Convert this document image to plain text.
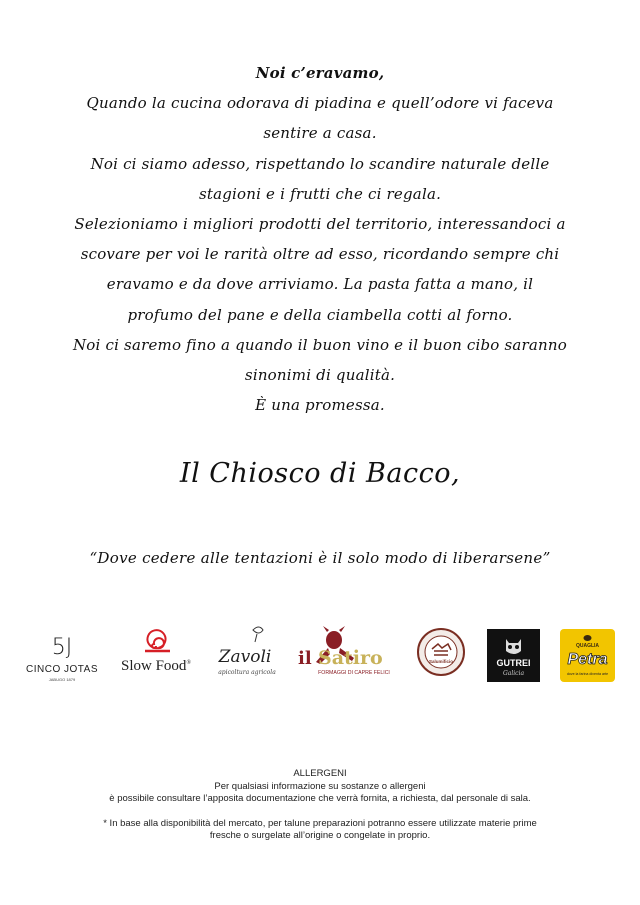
Noi c’eravamo,
Quando la cucina odorava di piadina e quell’odore vi faceva
sentire a casa.
Noi ci siamo adesso, rispettando lo scandire naturale delle
stagioni e i frutti che ci regala.
Selezioniamo i migliori prodotti del territorio, interessandoci a
scovare per voi le rarità oltre ad esso, ricordando sempre chi
eravamo e da dove arriviamo. La pasta fatta a mano, il
profumo del pane e della ciambella cotti al forno.
Noi ci saremo fino a quando il buon vino e il buon cibo saranno
sinonimi di qualità.
È una promessa.
Il Chiosco di Bacco,
“Dove cedere alle tentazioni è il solo modo di liberarsene”
5J
CINCO JOTAS
JABUGO 1879
Slow Food® Zavoli
apicoltura agricola
il Satiro
FORMAGGI DI CAPRE FELICI
Salumificio	GUTREI
Galicia
QUAGLIA
Petra
dove la farina diventa arte
ALLERGENI
Per qualsiasi informazione su sostanze o allergeni
è possibile consultare l’apposita documentazione che verrà fornita, a richiesta, dal personale di sala.
* In base alla disponibilità del mercato, per talune preparazioni potranno essere utilizzate materie prime
fresche o surgelate all’origine o congelate in proprio.
